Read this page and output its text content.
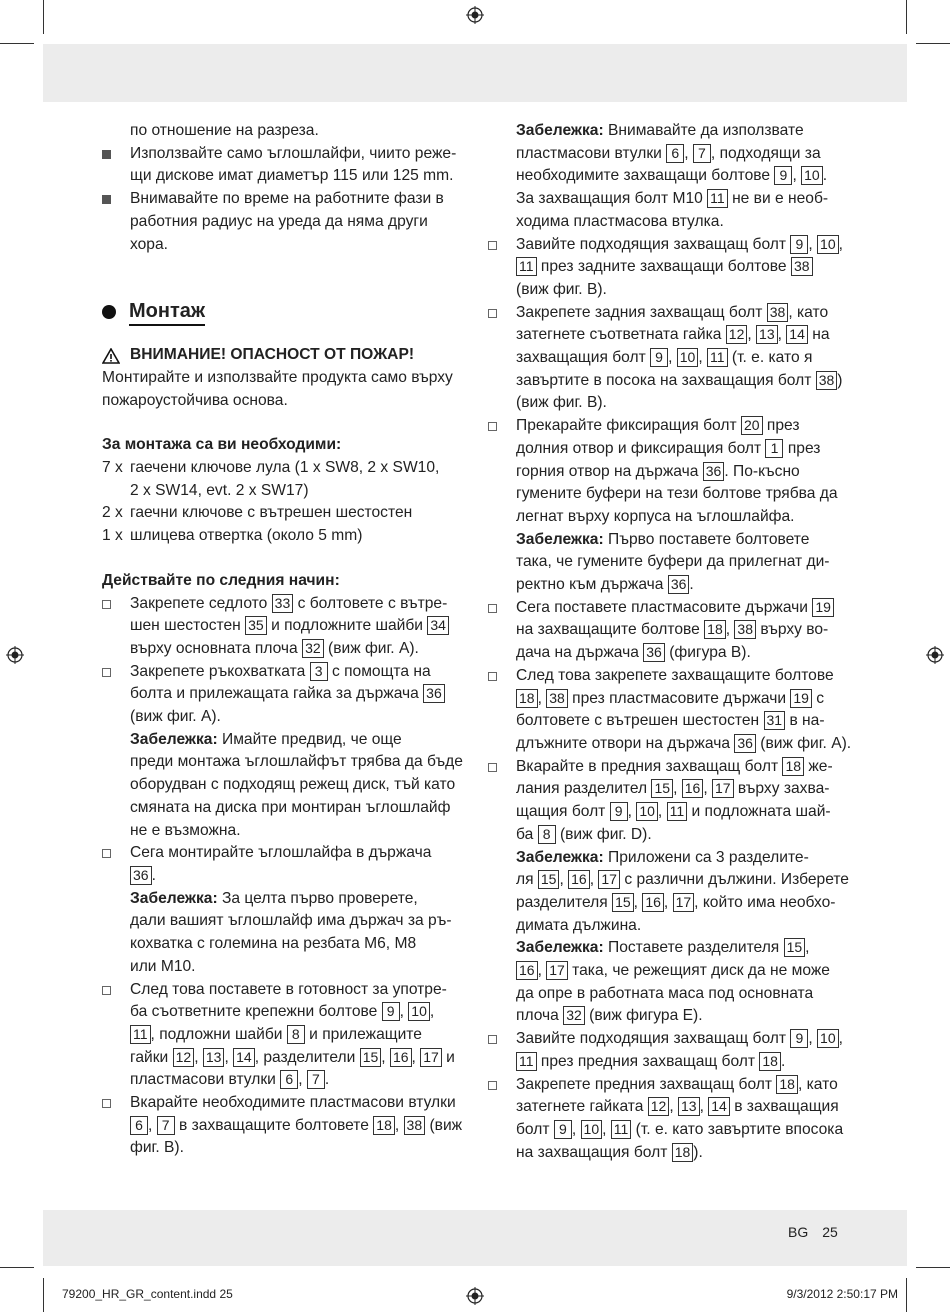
по отношение на разреза.

Използвайте само ъглошлайфи, чиито реже-
щи дискове имат диаметър 115 или 125 mm.
Внимавайте по време на работните фази в
работния радиус на уреда да няма други
хора.
Монтаж
ВНИМАНИЕ! ОПАСНОСТ ОТ ПОЖАР!
Монтирайте и използвайте продукта само върху
пожароустойчива основа.
За монтажа са ви необходими:
7 x гаечени ключове лула (1 x SW8, 2 x SW10,
2 x SW14, evt. 2 x SW17)
2 x гаечни ключове с вътрешен шестостен
1 x шлицева отвертка (около 5 mm)
Действайте по следния начин:
Закрепете седлото 33 с болтовете с вътре-
шен шестостен 35 и подложните шайби 34
върху основната плоча 32 (виж фиг. A).
Закрепете ръкохватката 3 с помощта на
болта и прилежащата гайка за държача 36
(виж фиг. A).
Забележка: Имайте предвид, че още
преди монтажа ъглошлайфът трябва да бъде
оборудван с подходящ режещ диск, тъй като
смяната на диска при монтиран ъглошлайф
не е възможна.
Сега монтирайте ъглошлайфа в държача
36 .
Забележка: За целта първо проверете,
дали вашият ъглошлайф има държач за ръ-
кохватка с големина на резбата M6, M8
или M10.
След това поставете в готовност за употре-
ба съответните крепежни болтове 9 , 10 ,
11 , подложни шайби 8 и прилежащите
гайки 12 , 13 , 14 , разделители 15 , 16 , 17 и
пластмасови втулки 6 , 7 .
Вкарайте необходимите пластмасови втулки
6 , 7 в захващащите болтовете 18 , 38 (виж
фиг. B).
Забележка: Внимавайте да използвате
пластмасови втулки 6 , 7 , подходящи за
необходимите захващащи болтове 9 , 10 .
За захващащия болт M10 11 не ви е необ-
ходима пластмасова втулка.
Завийте подходящия захващащ болт 9 , 10 ,
11 през задните захващащи болтове 38
(виж фиг. B).
Закрепете задния захващащ болт 38 , като
затегнете съответната гайка 12 , 13 , 14 на
захващащия болт 9 , 10 , 11 (т. е. като я
завъртите в посока на захващащия болт 38 )
(виж фиг. B).
Прекарайте фиксиращия болт 20 през
долния отвор и фиксиращия болт 1 през
горния отвор на държача 36 . По-късно
гумените буфери на тези болтове трябва да
легнат върху корпуса на ъглошлайфа.
Забележка: Първо поставете болтовете
така, че гумените буфери да прилегнат ди-
ректно към държача 36 .
Сега поставете пластмасовите държачи 19
на захващащите болтове 18 , 38 върху во-
дача на държача 36 (фигура B).
След това закрепете захващащите болтове
18 , 38 през пластмасовите държачи 19 с
болтовете с вътрешен шестостен 31 в на-
длъжните отвори на държача 36 (виж фиг. A).
Вкарайте в предния захващащ болт 18 же-
лания разделител 15 , 16 , 17 върху захва-
щащия болт 9 , 10 , 11 и подложната шай-
ба 8 (виж фиг. D).
Забележка: Приложени са 3 разделите-
ля 15 , 16 , 17 с различни дължини. Изберете
разделителя 15 , 16 , 17 , който има необхо-
димата дължина.
Забележка: Поставете разделителя 15 ,
16 , 17 така, че режещият диск да не може
да опре в работната маса под основната
плоча 32 (виж фигура E).
Завийте подходящия захващащ болт 9 , 10 ,
11 през предния захващащ болт 18 .
Закрепете предния захващащ болт 18 , като
затегнете гайката 12 , 13 , 14 в захващащия
болт 9 , 10 , 11 (т. е. като завъртите впосока
на захващащия болт 18 ).
BG 25
79200_HR_GR_content.indd 25	9/3/2012 2:50:17 PM
